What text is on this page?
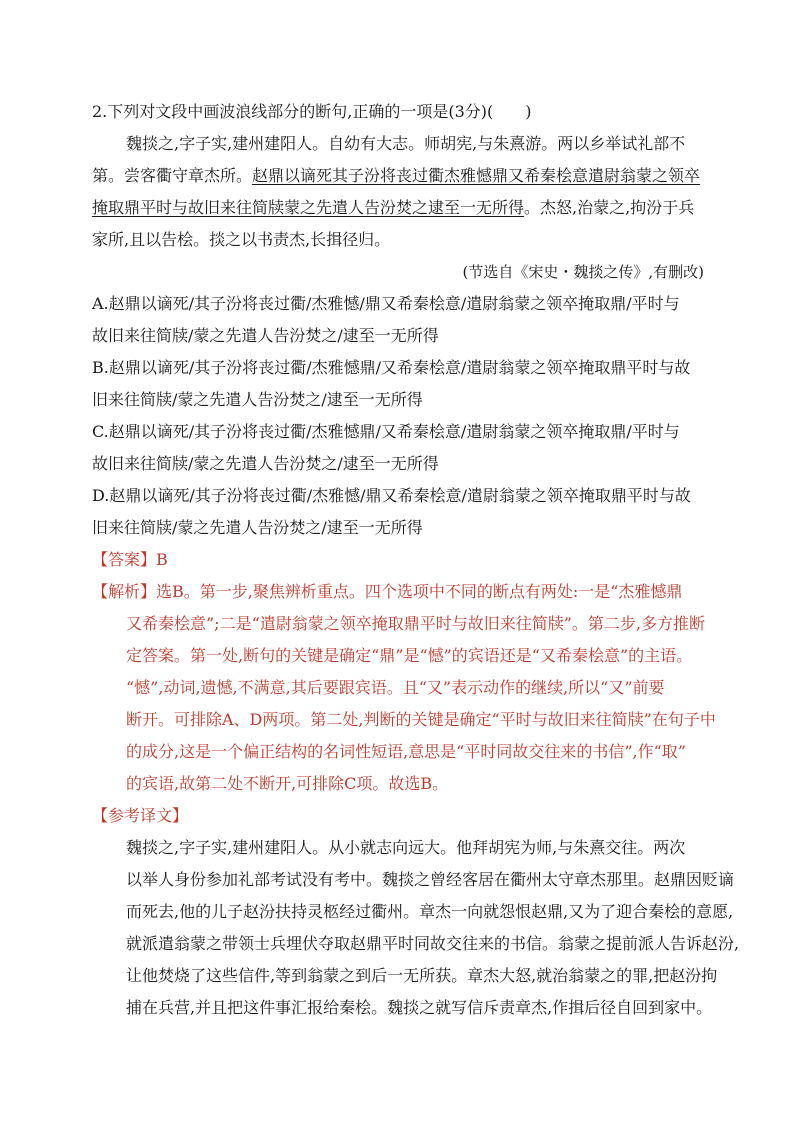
2.下列对文段中画波浪线部分的断句,正确的一项是(3分)(　　)
魏掞之,字子实,建州建阳人。自幼有大志。师胡宪,与朱熹游。两以乡举试礼部不
第。尝客衢守章杰所。赵鼎以谪死其子汾将丧过衢杰雅憾鼎又希秦桧意遣尉翁蒙之领卒
掩取鼎平时与故旧来往简牍蒙之先遣人告汾焚之逮至一无所得。杰怒,治蒙之,拘汾于兵
家所,且以告桧。掞之以书责杰,长揖径归。
(节选自《宋史・魏掞之传》,有删改)
A.赵鼎以谪死/其子汾将丧过衢/杰雅憾/鼎又希秦桧意/遣尉翁蒙之领卒掩取鼎/平时与
故旧来往简牍/蒙之先遣人告汾焚之/逮至一无所得
B.赵鼎以谪死/其子汾将丧过衢/杰雅憾鼎/又希秦桧意/遣尉翁蒙之领卒掩取鼎平时与故
旧来往简牍/蒙之先遣人告汾焚之/逮至一无所得
C.赵鼎以谪死/其子汾将丧过衢/杰雅憾鼎/又希秦桧意/遣尉翁蒙之领卒掩取鼎/平时与
故旧来往简牍/蒙之先遣人告汾焚之/逮至一无所得
D.赵鼎以谪死/其子汾将丧过衢/杰雅憾/鼎又希秦桧意/遣尉翁蒙之领卒掩取鼎平时与故
旧来往简牍/蒙之先遣人告汾焚之/逮至一无所得
【答案】B
【解析】选B。第一步,聚焦辨析重点。四个选项中不同的断点有两处:一是“杰雅憾鼎
又希秦桧意”;二是“遣尉翁蒙之领卒掩取鼎平时与故旧来往简牍”。第二步,多方推断
定答案。第一处,断句的关键是确定“鼎”是“憾”的宾语还是“又希秦桧意”的主语。
“憾”,动词,遗憾,不满意,其后要跟宾语。且“又”表示动作的继续,所以“又”前要
断开。可排除A、D两项。第二处,判断的关键是确定“平时与故旧来往简牍”在句子中
的成分,这是一个偏正结构的名词性短语,意思是“平时同故交往来的书信”,作“取”
的宾语,故第二处不断开,可排除C项。故选B。
【参考译文】
魏掞之,字子实,建州建阳人。从小就志向远大。他拜胡宪为师,与朱熹交往。两次
以举人身份参加礼部考试没有考中。魏掞之曾经客居在衢州太守章杰那里。赵鼎因贬谪
而死去,他的儿子赵汾扶持灵柩经过衢州。章杰一向就怨恨赵鼎,又为了迎合秦桧的意愿,
就派遣翁蒙之带领士兵埋伏夺取赵鼎平时同故交往来的书信。翁蒙之提前派人告诉赵汾,
让他焚烧了这些信件,等到翁蒙之到后一无所获。章杰大怒,就治翁蒙之的罪,把赵汾拘
捕在兵营,并且把这件事汇报给秦桧。魏掞之就写信斥责章杰,作揖后径自回到家中。
